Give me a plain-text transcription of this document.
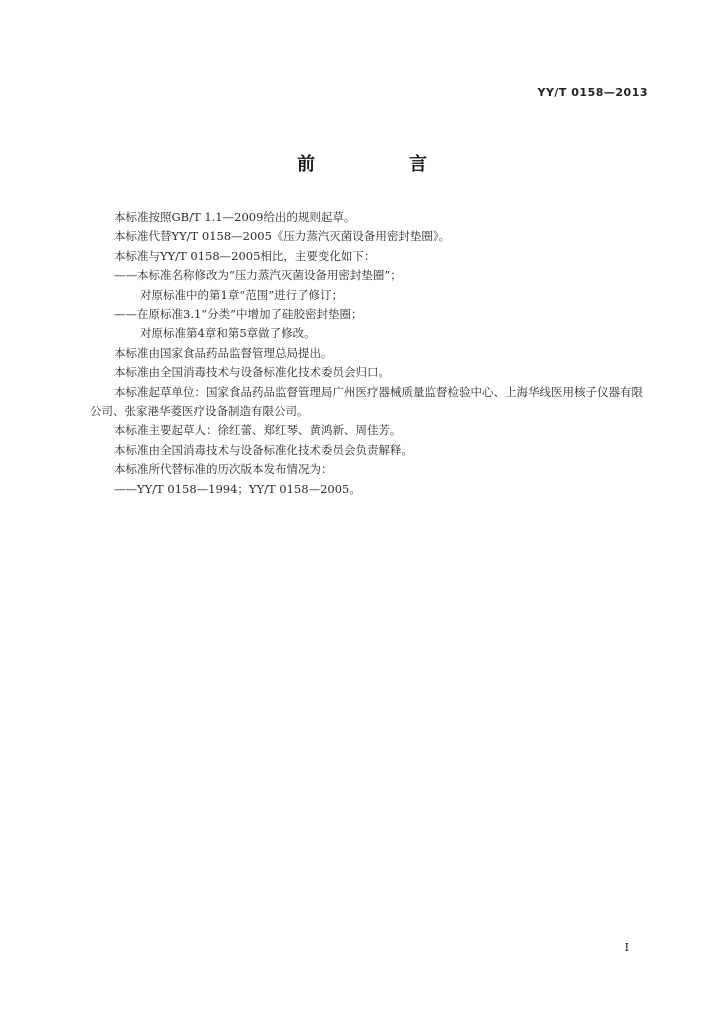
YY/T 0158—2013
前　言

本标准按照GB/T 1.1—2009给出的规则起草。

本标准代替YY/T 0158—2005《压力蒸汽灭菌设备用密封垫圈》。

本标准与YY/T 0158—2005相比，主要变化如下：

——本标准名称修改为“压力蒸汽灭菌设备用密封垫圈”；

对原标准中的第1章“范围”进行了修订；

——在原标准3.1“分类”中增加了硅胶密封垫圈；

对原标准第4章和第5章做了修改。

本标准由国家食品药品监督管理总局提出。

本标准由全国消毒技术与设备标准化技术委员会归口。

本标准起草单位：国家食品药品监督管理局广州医疗器械质量监督检验中心、上海华线医用核子仪器有限公司、张家港华菱医疗设备制造有限公司。

本标准主要起草人：徐红蕾、郑红琴、黄鸿新、周佳芳。

本标准由全国消毒技术与设备标准化技术委员会负责解释。

本标准所代替标准的历次版本发布情况为：

——YY/T 0158—1994；YY/T 0158—2005。

I
